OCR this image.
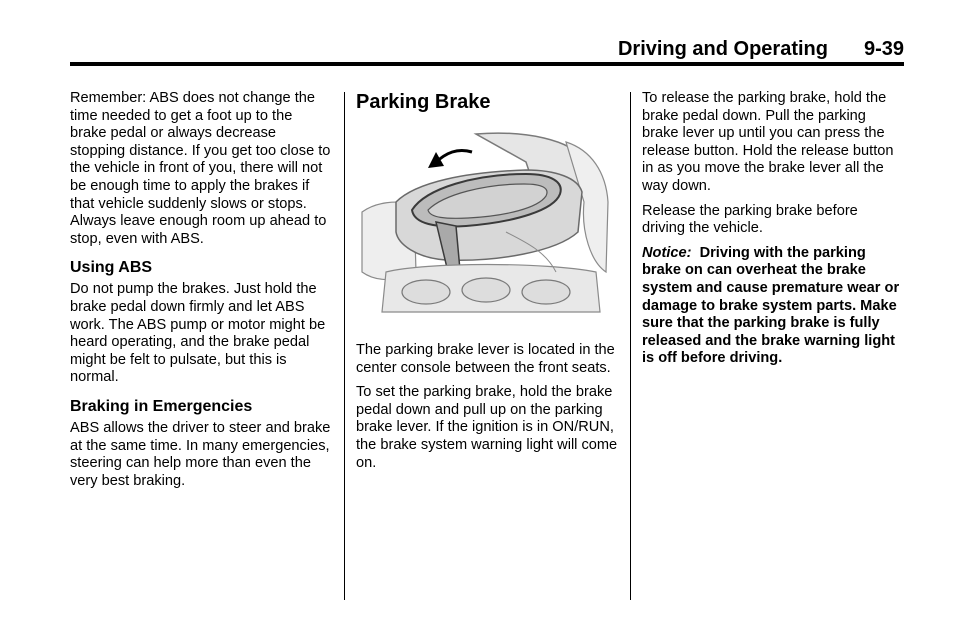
Driving and Operating 9-39

Remember: ABS does not change the time needed to get a foot up to the brake pedal or always decrease stopping distance. If you get too close to the vehicle in front of you, there will not be enough time to apply the brakes if that vehicle suddenly slows or stops. Always leave enough room up ahead to stop, even with ABS.

Using ABS

Do not pump the brakes. Just hold the brake pedal down firmly and let ABS work. The ABS pump or motor might be heard operating, and the brake pedal might be felt to pulsate, but this is normal.

Braking in Emergencies

ABS allows the driver to steer and brake at the same time. In many emergencies, steering can help more than even the very best braking.

Parking Brake

The parking brake lever is located in the center console between the front seats.

To set the parking brake, hold the brake pedal down and pull up on the parking brake lever. If the ignition is in ON/RUN, the brake system warning light will come on.

To release the parking brake, hold the brake pedal down. Pull the parking brake lever up until you can press the release button. Hold the release button in as you move the brake lever all the way down.

Release the parking brake before driving the vehicle.

Notice: Driving with the parking brake on can overheat the brake system and cause premature wear or damage to brake system parts. Make sure that the parking brake is fully released and the brake warning light is off before driving.
